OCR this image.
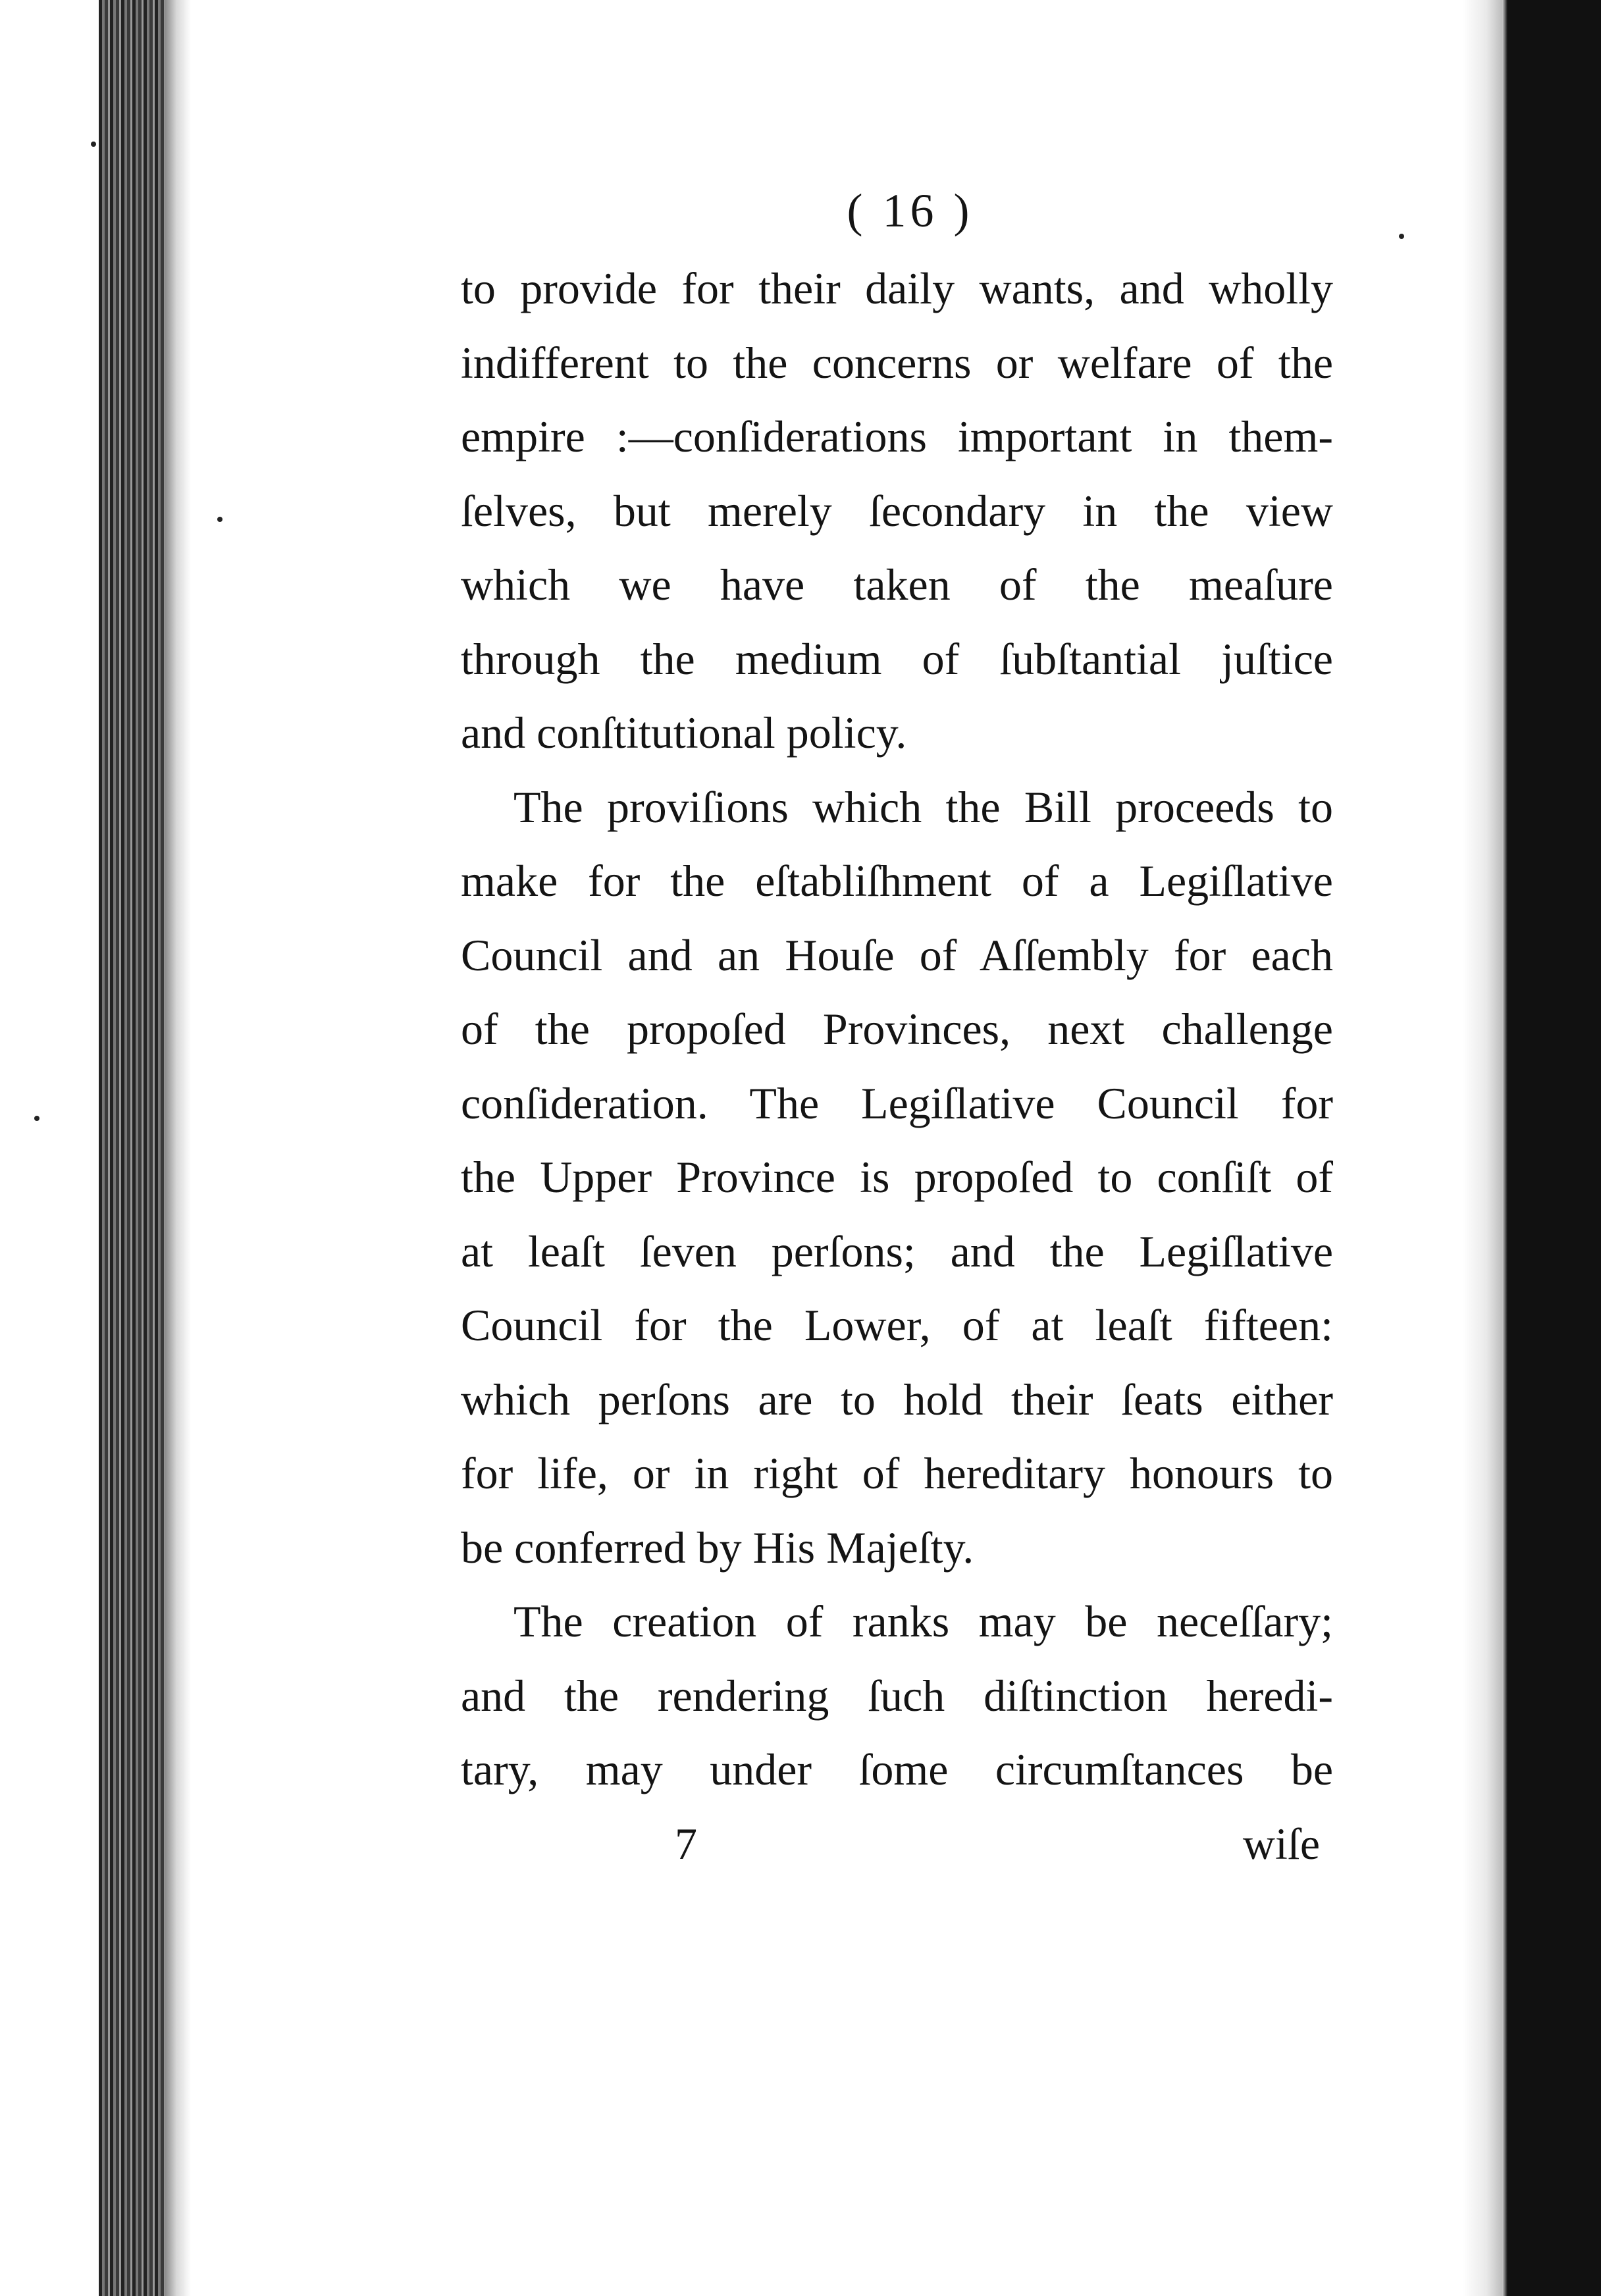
( 16 )

to provide for their daily wants, and wholly
indifferent to the concerns or welfare of the
empire :—conſiderations important in them-
ſelves, but merely ſecondary in the view
which we have taken of the meaſure
through the medium of ſubſtantial juſtice
and conſtitutional policy.

The proviſions which the Bill proceeds to
make for the eſtabliſhment of a Legiſlative
Council and an Houſe of Aſſembly for each
of the propoſed Provinces, next challenge
conſideration. The Legiſlative Council for
the Upper Province is propoſed to conſiſt of
at leaſt ſeven perſons; and the Legiſlative
Council for the Lower, of at leaſt fifteen:
which perſons are to hold their ſeats either
for life, or in right of hereditary honours to
be conferred by His Majeſty.

The creation of ranks may be neceſſary;
and the rendering ſuch diſtinction heredi-
tary, may under ſome circumſtances be

7	wiſe
